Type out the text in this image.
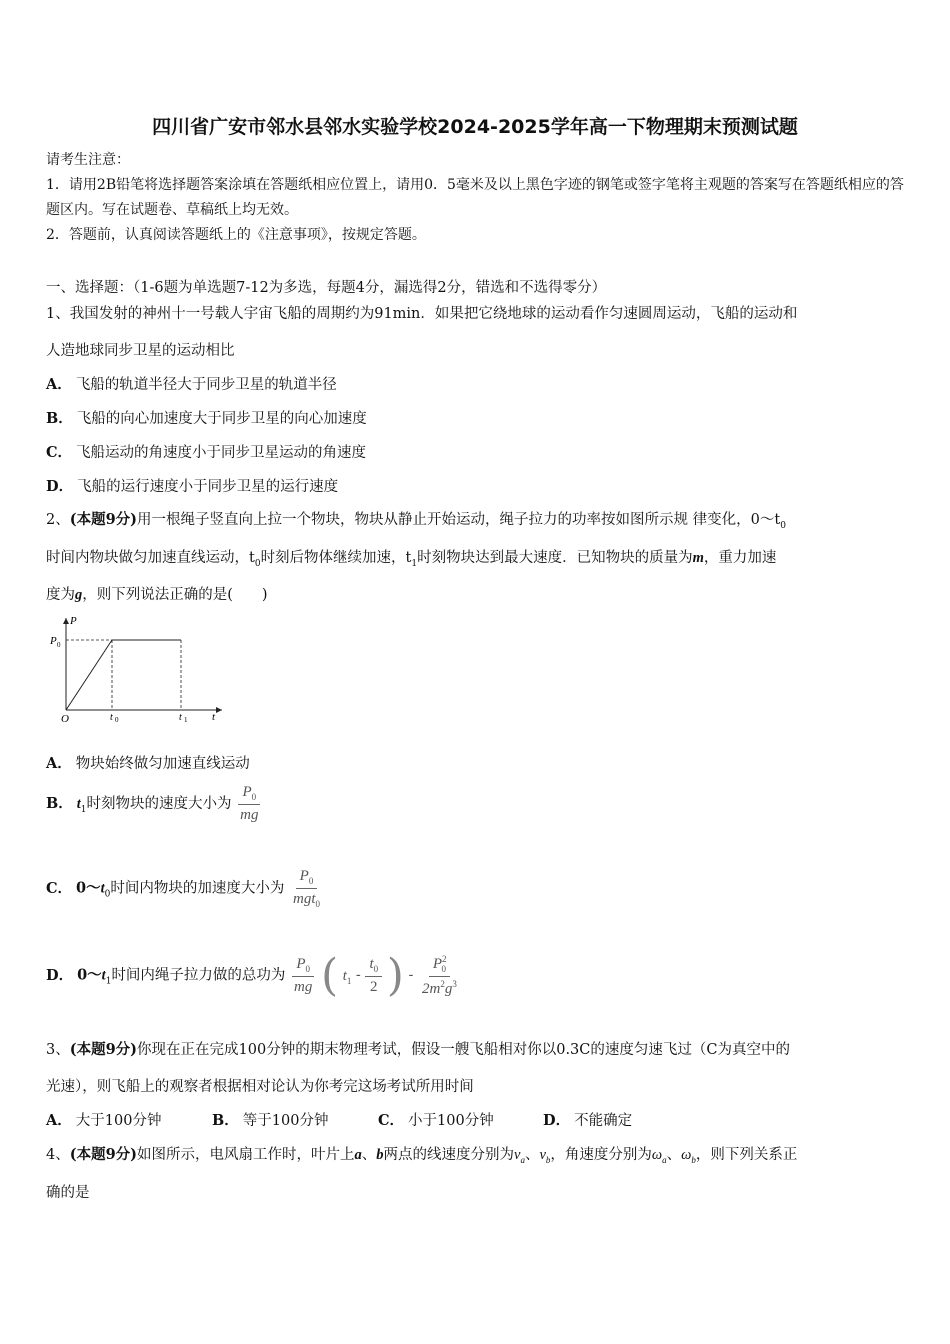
四川省广安市邻水县邻水实验学校2024-2025学年高一下物理期末预测试题
请考生注意：
1．请用2B铅笔将选择题答案涂填在答题纸相应位置上，请用0．5毫米及以上黑色字迹的钢笔或签字笔将主观题的答案写在答题纸相应的答题区内。写在试题卷、草稿纸上均无效。
2．答题前，认真阅读答题纸上的《注意事项》，按规定答题。
一、选择题：（1-6题为单选题7-12为多选，每题4分，漏选得2分，错选和不选得零分）
1、我国发射的神州十一号载人宇宙飞船的周期约为91min．如果把它绕地球的运动看作匀速圆周运动，飞船的运动和
人造地球同步卫星的运动相比
A． 飞船的轨道半径大于同步卫星的轨道半径
B． 飞船的向心加速度大于同步卫星的向心加速度
C． 飞船运动的角速度小于同步卫星运动的角速度
D． 飞船的运行速度小于同步卫星的运行速度
2、(本题9分)用一根绳子竖直向上拉一个物块，物块从静止开始运动，绳子拉力的功率按如图所示规 律变化，$0\sim t_0$
时间内物块做匀加速直线运动，$t_0$时刻后物体继续加速，$t_1$时刻物块达到最大速度．已知物块的质量为m，重力加速
度为g，则下列说法正确的是(　　)
P
P 0
O	t 0	t 1 t
A． 物块始终做匀加速直线运动
B． $t_1$时刻物块的速度大小为 $\frac{P_0}{mg}$
C． $0\sim t_0$时间内物块的加速度大小为 $\frac{P_0}{mgt_0}$
D． $0\sim t_1$时间内绳子拉力做的总功为 $\frac{P_0}{mg}$ ( $t_1 - \frac{t_0}{2}$ ) - $\frac{P^2_0}{2m^2g^3}$
3、(本题9分)你现在正在完成100分钟的期末物理考试，假设一艘飞船相对你以0.3C的速度匀速飞过（C为真空中的
光速），则飞船上的观察者根据相对论认为你考完这场考试所用时间
A． 大于100分钟	B． 等于100分钟	C． 小于100分钟	D． 不能确定
4、(本题9分)如图所示，电风扇工作时，叶片上a、b两点的线速度分别为$v_a$、$v_b$，角速度分别为$\omega_a$、$\omega_b$，则下列关系正
确的是
